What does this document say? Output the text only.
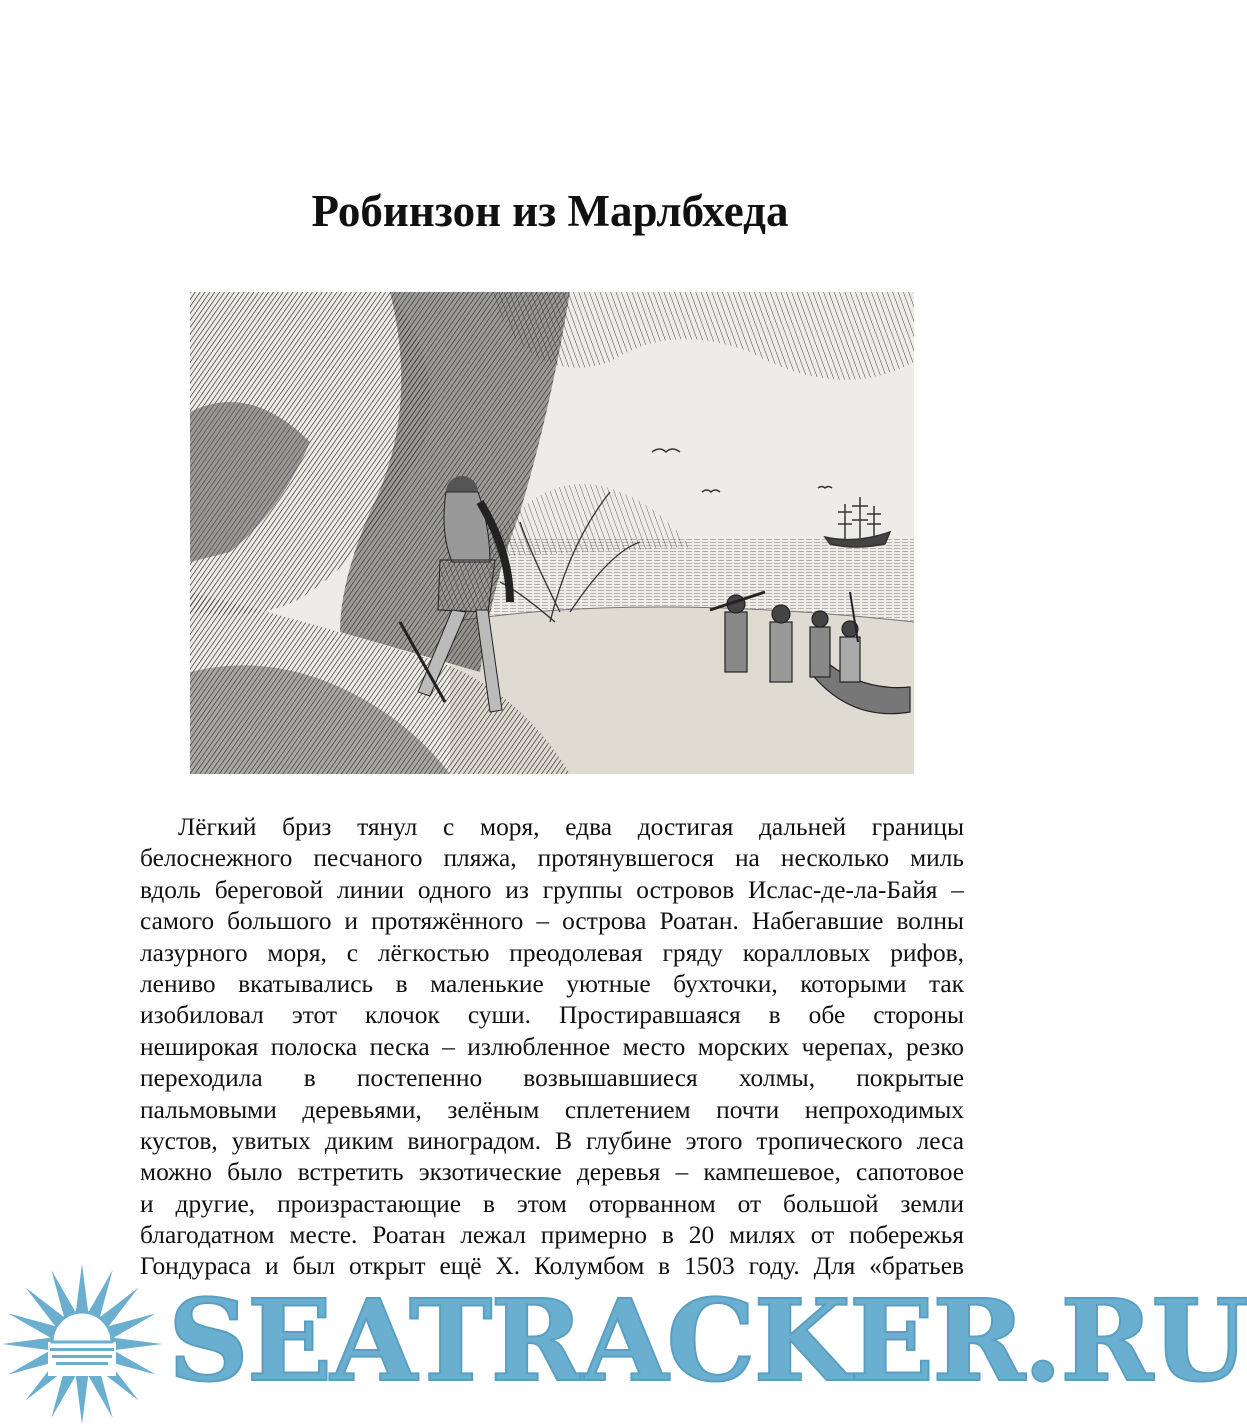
Робинзон из Марлбхеда
Лёгкий бриз тянул с моря, едва достигая дальней границы
белоснежного песчаного пляжа, протянувшегося на несколько миль
вдоль береговой линии одного из группы островов Ислас-де-ла-Байя –
самого большого и протяжённого – острова Роатан. Набегавшие волны
лазурного моря, с лёгкостью преодолевая гряду коралловых рифов,
лениво вкатывались в маленькие уютные бухточки, которыми так
изобиловал этот клочок суши. Простиравшаяся в обе стороны
неширокая полоска песка – излюбленное место морских черепах, резко
переходила в постепенно возвышавшиеся холмы, покрытые
пальмовыми деревьями, зелёным сплетением почти непроходимых
кустов, увитых диким виноградом. В глубине этого тропического леса
можно было встретить экзотические деревья – кампешевое, сапотовое
и другие, произрастающие в этом оторванном от большой земли
благодатном месте. Роатан лежал примерно в 20 милях от побережья
Гондураса и был открыт ещё X. Колумбом в 1503 году. Для «братьев
SEATRACKER.RU
